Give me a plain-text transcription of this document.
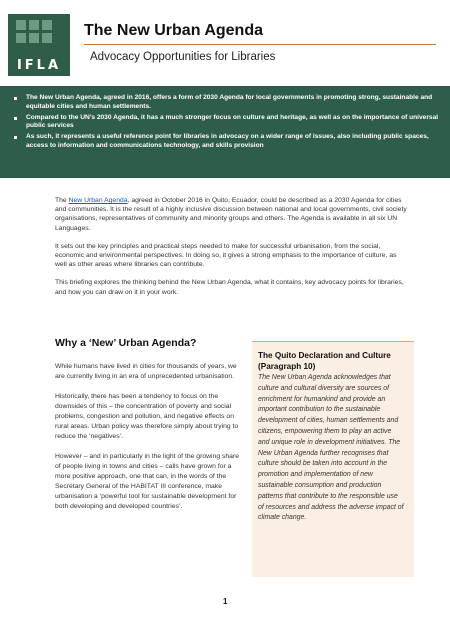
IFLA
The New Urban Agenda
Advocacy Opportunities for Libraries
The New Urban Agenda, agreed in 2016, offers a form of 2030 Agenda for local governments in promoting strong, sustainable and equitable cities and human settlements.
Compared to the UN’s 2030 Agenda, it has a much stronger focus on culture and heritage, as well as on the importance of universal public services
As such, it represents a useful reference point for libraries in advocacy on a wider range of issues, also including public spaces, access to information and communications technology, and skills provision

The New Urban Agenda, agreed in October 2016 in Quito, Ecuador, could be described as a 2030 Agenda for cities and communities. It is the result of a highly inclusive discussion between national and local governments, civil society organisations, representatives of community and minority groups and others. The Agenda is available in all six UN Languages.

It sets out the key principles and practical steps needed to make for successful urbanisation, from the social, economic and environmental perspectives. In doing so, it gives a strong emphasis to the importance of culture, as well as other areas where libraries can contribute.

This briefing explores the thinking behind the New Urban Agenda, what it contains, key advocacy points for libraries, and how you can draw on it in your work.

Why a ‘New’ Urban Agenda?

While humans have lived in cities for thousands of years, we are currently living in an era of unprecedented urbanisation.

Historically, there has been a tendency to focus on the downsides of this – the concentration of poverty and social problems, congestion and pollution, and negative effects on rural areas. Urban policy was therefore simply about trying to reduce the ‘negatives’.

However – and in particularly in the light of the growing share of people living in towns and cities – calls have grown for a more positive approach, one that can, in the words of the Secretary General of the HABITAT III conference, make urbanisation a ‘powerful tool for sustainable development for both developing and developed countries’.

The Quito Declaration and Culture (Paragraph 10)
The New Urban Agenda acknowledges that culture and cultural diversity are sources of enrichment for humankind and provide an important contribution to the sustainable development of cities, human settlements and citizens, empowering them to play an active and unique role in development initiatives. The New Urban Agenda further recognises that culture should be taken into account in the promotion and implementation of new sustainable consumption and production patterns that contribute to the responsible use of resources and address the adverse impact of climate change.
1
